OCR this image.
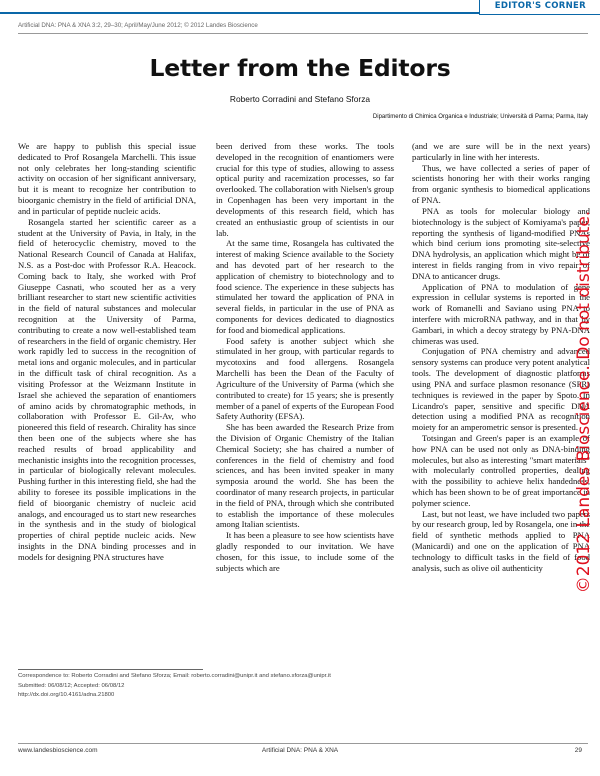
EDITOR'S CORNER
Artificial DNA: PNA & XNA 3:2, 29–30; April/May/June 2012; © 2012 Landes Bioscience
Letter from the Editors
Roberto Corradini and Stefano Sforza
Dipartimento di Chimica Organica e Industriale; Università di Parma; Parma, Italy

We are happy to publish this special issue dedicated to Prof Rosangela Marchelli. This issue not only celebrates her long-standing scientific activity on occasion of her significant anniversary, but it is meant to recognize her contribution to bioorganic chemistry in the field of artificial DNA, and in particular of peptide nucleic acids.

Rosangela started her scientific career as a student at the University of Pavia, in Italy, in the field of heterocyclic chemistry, moved to the National Research Council of Canada at Halifax, N.S. as a Post-doc with Professor R.A. Heacock. Coming back to Italy, she worked with Prof Giuseppe Casnati, who scouted her as a very brilliant researcher to start new scientific activities in the field of natural substances and molecular recognition at the University of Parma, contributing to create a now well-established team of researchers in the field of organic chemistry. Her work rapidly led to success in the recognition of metal ions and organic molecules, and in particular in the difficult task of chiral recognition. As a visiting Professor at the Weizmann Institute in Israel she achieved the separation of enantiomers of amino acids by chromatographic methods, in collaboration with Professor E. Gil-Av, who pioneered this field of research. Chirality has since then been one of the subjects where she has reached results of broad applicability and mechanistic insights into the recognition processes, in particular of biologically relevant molecules. Pushing further in this interesting field, she had the ability to foresee its possible implications in the field of bioorganic chemistry of nucleic acid analogs, and encouraged us to start new researches in the synthesis and in the study of biological properties of chiral peptide nucleic acids. New insights in the DNA binding processes and in models for designing PNA structures have

been derived from these works. The tools developed in the recognition of enantiomers were crucial for this type of studies, allowing to assess optical purity and racemization processes, so far overlooked. The collaboration with Nielsen's group in Copenhagen has been very important in the developments of this research field, which has created an enthusiastic group of scientists in our lab.

At the same time, Rosangela has cultivated the interest of making Science available to the Society and has devoted part of her research to the application of chemistry to biotechnology and to food science. The experience in these subjects has stimulated her toward the application of PNA in several fields, in particular in the use of PNA as components for devices dedicated to diagnostics for food and biomedical applications.

Food safety is another subject which she stimulated in her group, with particular regards to mycotoxins and food allergens. Rosangela Marchelli has been the Dean of the Faculty of Agriculture of the University of Parma (which she contributed to create) for 15 years; she is presently member of a panel of experts of the European Food Safety Authority (EFSA).

She has been awarded the Research Prize from the Division of Organic Chemistry of the Italian Chemical Society; she has chaired a number of conferences in the field of chemistry and food sciences, and has been invited speaker in many symposia around the world. She has been the coordinator of many research projects, in particular in the field of PNA, through which she contributed to establish the importance of these molecules among Italian scientists.

It has been a pleasure to see how scientists have gladly responded to our invitation. We have chosen, for this issue, to include some of the subjects which are

(and we are sure will be in the next years) particularly in line with her interests.

Thus, we have collected a series of paper of scientists honoring her with their works ranging from organic synthesis to biomedical applications of PNA.

PNA as tools for molecular biology and biotechnology is the subject of Komiyama's paper, reporting the synthesis of ligand-modified PNAs which bind cerium ions promoting site-selective DNA hydrolysis, an application which might be of interest in fields ranging from in vivo repair of DNA to anticancer drugs.

Application of PNA to modulation of gene expression in cellular systems is reported in the work of Romanelli and Saviano using PNA to interfere with microRNA pathway, and in that by Gambari, in which a decoy strategy by PNA-DNA chimeras was used.

Conjugation of PNA chemistry and advanced sensory systems can produce very potent analytical tools. The development of diagnostic platforms using PNA and surface plasmon resonance (SPR) techniques is reviewed in the paper by Spoto. In Licandro's paper, sensitive and specific DNA detection using a modified PNA as recognition moiety for an amperometric sensor is presented.

Totsingan and Green's paper is an example of how PNA can be used not only as DNA-binding molecules, but also as interesting "smart materials" with molecularly controlled properties, dealing with the possibility to achieve helix handedness, which has been shown to be of great importance in polymer science.

Last, but not least, we have included two papers by our research group, led by Rosangela, one in the field of synthetic methods applied to PNA (Manicardi) and one on the application of PNA technology to difficult tasks in the field of food analysis, such as olive oil authenticity

Correspondence to: Roberto Corradini and Stefano Sforza; Email: roberto.corradini@unipr.it and stefano.sforza@unipr.it
Submitted: 06/08/12; Accepted: 06/08/12
http://dx.doi.org/10.4161/adna.21800
www.landesbioscience.com	Artificial DNA: PNA & XNA	29
©2012 Landes Bioscience. Do not distribute.
